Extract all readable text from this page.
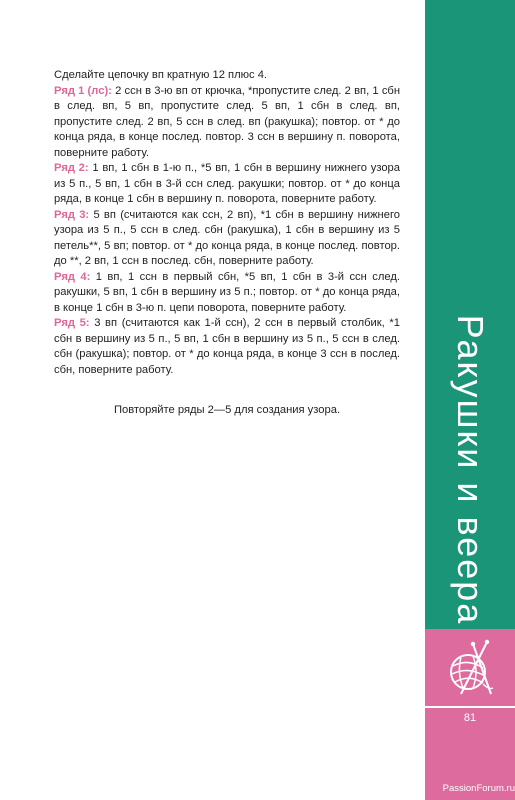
Сделайте цепочку вп кратную 12 плюс 4.

Ряд 1 (лс): 2 ссн в 3-ю вп от крючка, *пропустите след. 2 вп, 1 сбн в след. вп, 5 вп, пропустите след. 5 вп, 1 сбн в след. вп, пропустите след. 2 вп, 5 ссн в след. вп (ракушка); повтор. от * до конца ряда, в конце послед. повтор. 3 ссн в вершину п. поворота, поверните работу.

Ряд 2: 1 вп, 1 сбн в 1-ю п., *5 вп, 1 сбн в вершину нижнего узора из 5 п., 5 вп, 1 сбн в 3-й ссн след. ракушки; повтор. от * до конца ряда, в конце 1 сбн в вершину п. поворота, поверните работу.

Ряд 3: 5 вп (считаются как ссн, 2 вп), *1 сбн в вершину нижнего узора из 5 п., 5 ссн в след. сбн (ракушка), 1 сбн в вершину из 5 петель**, 5 вп; повтор. от * до конца ряда, в конце послед. повтор. до **, 2 вп, 1 ссн в послед. сбн, поверните работу.

Ряд 4: 1 вп, 1 ссн в первый сбн, *5 вп, 1 сбн в 3-й ссн след. ракушки, 5 вп, 1 сбн в вершину из 5 п.; повтор. от * до конца ряда, в конце 1 сбн в 3-ю п. цепи поворота, поверните работу.

Ряд 5: 3 вп (считаются как 1-й ссн), 2 ссн в первый столбик, *1 сбн в вершину из 5 п., 5 вп, 1 сбн в вершину из 5 п., 5 ссн в след. сбн (ракушка); повтор. от * до конца ряда, в конце 3 ссн в послед. сбн, поверните работу.

Повторяйте ряды 2—5 для создания узора.	Ракушки и веера
81
PassionForum.ru
